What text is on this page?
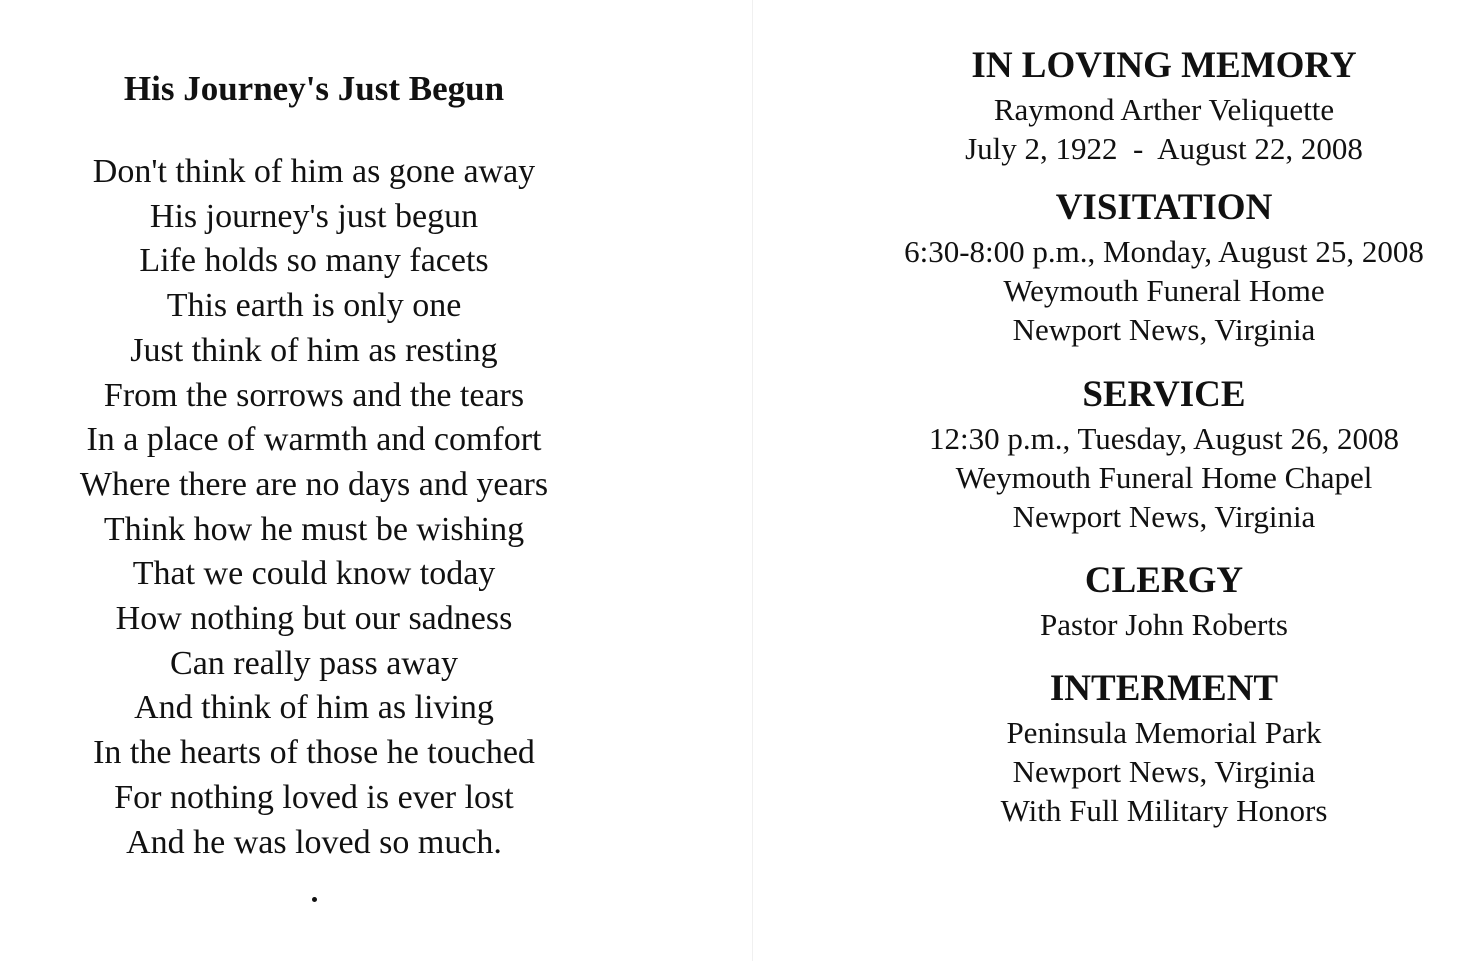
His Journey's Just Begun
Don't think of him as gone away
His journey's just begun
Life holds so many facets
This earth is only one
Just think of him as resting
From the sorrows and the tears
In a place of warmth and comfort
Where there are no days and years
Think how he must be wishing
That we could know today
How nothing but our sadness
Can really pass away
And think of him as living
In the hearts of those he touched
For nothing loved is ever lost
And he was loved so much.
IN LOVING MEMORY
Raymond Arther Veliquette
July 2, 1922  -  August 22, 2008
VISITATION
6:30-8:00 p.m., Monday, August 25, 2008
Weymouth Funeral Home
Newport News, Virginia
SERVICE
12:30 p.m., Tuesday, August 26, 2008
Weymouth Funeral Home Chapel
Newport News, Virginia
CLERGY
Pastor John Roberts
INTERMENT
Peninsula Memorial Park
Newport News, Virginia
With Full Military Honors
